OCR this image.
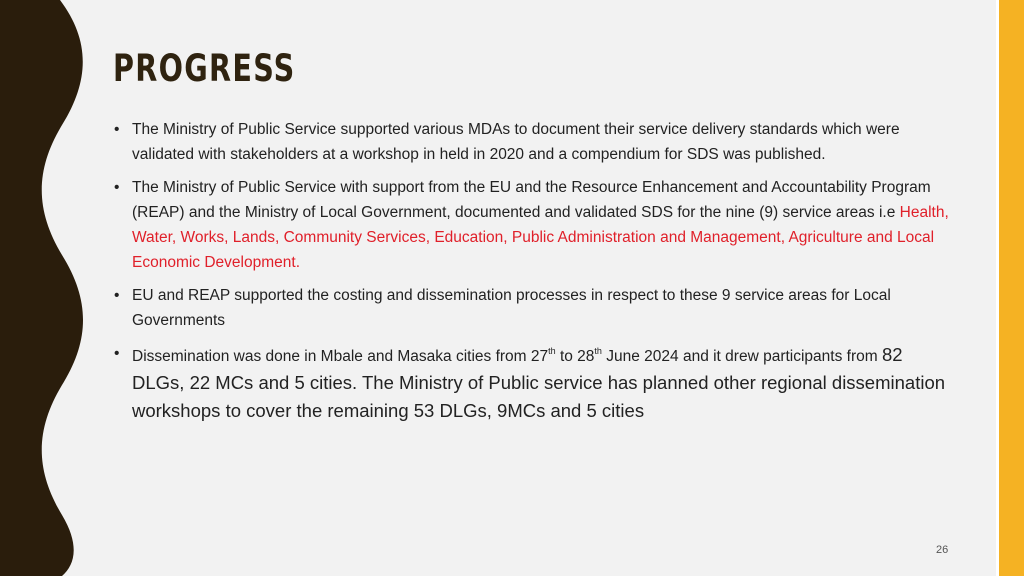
PROGRESS
• The Ministry of Public Service supported various MDAs to document their service delivery standards which were validated with stakeholders at a workshop in held in 2020 and a compendium for SDS was published.
• The Ministry of Public Service with support from the EU and the Resource Enhancement and Accountability Program (REAP) and the Ministry of Local Government, documented and validated SDS for the nine (9) service areas i.e Health, Water, Works, Lands, Community Services, Education, Public Administration and Management, Agriculture and Local Economic Development.
• EU and REAP supported the costing and dissemination processes in respect to these 9 service areas for Local Governments
• Dissemination was done in Mbale and Masaka cities from 27th to 28th June 2024 and it drew participants from 82 DLGs, 22 MCs and 5 cities. The Ministry of Public service has planned other regional dissemination workshops to cover the remaining 53 DLGs, 9MCs and 5 cities
26
